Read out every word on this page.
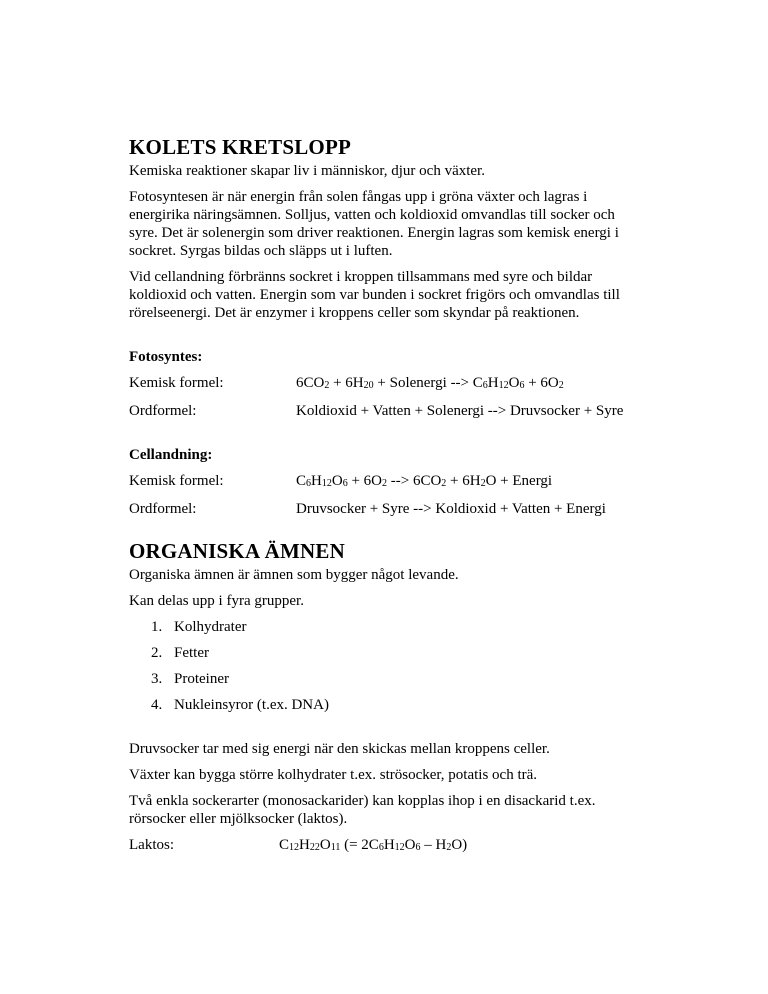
KOLETS KRETSLOPP

Kemiska reaktioner skapar liv i människor, djur och växter.

Fotosyntesen är när energin från solen fångas upp i gröna växter och lagras i

energirika näringsämnen. Solljus, vatten och koldioxid omvandlas till socker och

syre. Det är solenergin som driver reaktionen. Energin lagras som kemisk energi i

sockret. Syrgas bildas och släpps ut i luften.

Vid cellandning förbränns sockret i kroppen tillsammans med syre och bildar

koldioxid och vatten. Energin som var bunden i sockret frigörs och omvandlas till

rörelseenergi. Det är enzymer i kroppens celler som skyndar på reaktionen.

Fotosyntes:

Kemisk formel:	$6CO_2 + 6H_{20}$ + Solenergi --> $C_6H_{12}O_6 + 6O_2$
Ordformel:	Koldioxid + Vatten + Solenergi --> Druvsocker + Syre

Cellandning:

Kemisk formel:	$C_6H_{12}O_6 + 6O_2$ --> $6CO_2 + 6H_2O$ + Energi
Ordformel:	Druvsocker + Syre --> Koldioxid + Vatten + Energi
ORGANISKA ÄMNEN

Organiska ämnen är ämnen som bygger något levande.

Kan delas upp i fyra grupper.

1. Kolhydrater
2. Fetter
3. Proteiner
4. Nukleinsyror (t.ex. DNA)

Druvsocker tar med sig energi när den skickas mellan kroppens celler.

Växter kan bygga större kolhydrater t.ex. strösocker, potatis och trä.

Två enkla sockerarter (monosackarider) kan kopplas ihop i en disackarid t.ex.

rörsocker eller mjölksocker (laktos).

Laktos:	$C_{12}H_{22}O_{11}$ (= $2C_6H_{12}O_6 - H_2O$)
